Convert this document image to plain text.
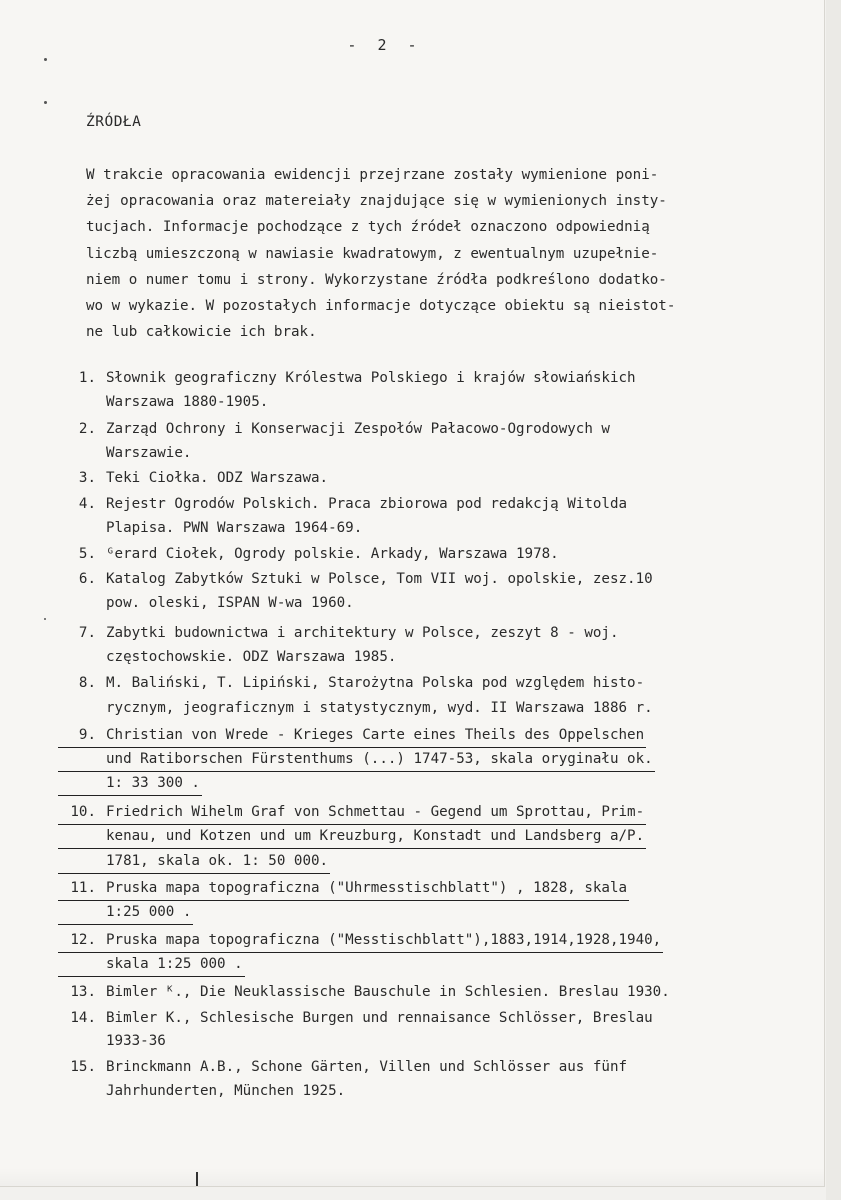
- 2 -
ŹRÓDŁA
W trakcie opracowania ewidencji przejrzane zostały wymienione poni-
żej opracowania oraz matereiały znajdujące się w wymienionych insty-
tucjach. Informacje pochodzące z tych źródeł oznaczono odpowiednią
liczbą umieszczoną w nawiasie kwadratowym, z ewentualnym uzupełnie-
niem o numer tomu i strony. Wykorzystane źródła podkreślono dodatko-
wo w wykazie. W pozostałych informacje dotyczące obiektu są nieistot-
ne lub całkowicie ich brak.
1. Słownik geograficzny Królestwa Polskiego i krajów słowiańskich
Warszawa 1880-1905.
2. Zarząd Ochrony i Konserwacji Zespołów Pałacowo-Ogrodowych w
Warszawie.
3. Teki Ciołka. ODZ Warszawa.
4. Rejestr Ogrodów Polskich. Praca zbiorowa pod redakcją Witolda
Plapisa. PWN Warszawa 1964-69.
5. ᴳerard Ciołek, Ogrody polskie. Arkady, Warszawa 1978.
6. Katalog Zabytków Sztuki w Polsce, Tom VII woj. opolskie, zesz.10
pow. oleski, ISPAN W-wa 1960.
7. Zabytki budownictwa i architektury w Polsce, zeszyt 8 - woj.
częstochowskie. ODZ Warszawa 1985.
8. M. Baliński, T. Lipiński, Starożytna Polska pod względem histo-
rycznym, jeograficznym i statystycznym, wyd. II Warszawa 1886 r.
9. Christian von Wrede - Krieges Carte eines Theils des Oppelschen
und Ratiborschen Fürstenthums (...) 1747-53, skala oryginału ok.
1: 33 300 .
10. Friedrich Wihelm Graf von Schmettau - Gegend um Sprottau, Prim-
kenau, und Kotzen und um Kreuzburg, Konstadt und Landsberg a/P.
1781, skala ok. 1: 50 000.
11. Pruska mapa topograficzna ("Uhrmesstischblatt") , 1828, skala
1:25 000 .
12. Pruska mapa topograficzna ("Messtischblatt"),1883,1914,1928,1940,
skala 1:25 000 .
13. Bimler ᴷ., Die Neuklassische Bauschule in Schlesien. Breslau 1930.
14. Bimler K., Schlesische Burgen und rennaisance Schlösser, Breslau
1933-36
15. Brinckmann A.B., Schone Gärten, Villen und Schlösser aus fünf
Jahrhunderten, München 1925.
